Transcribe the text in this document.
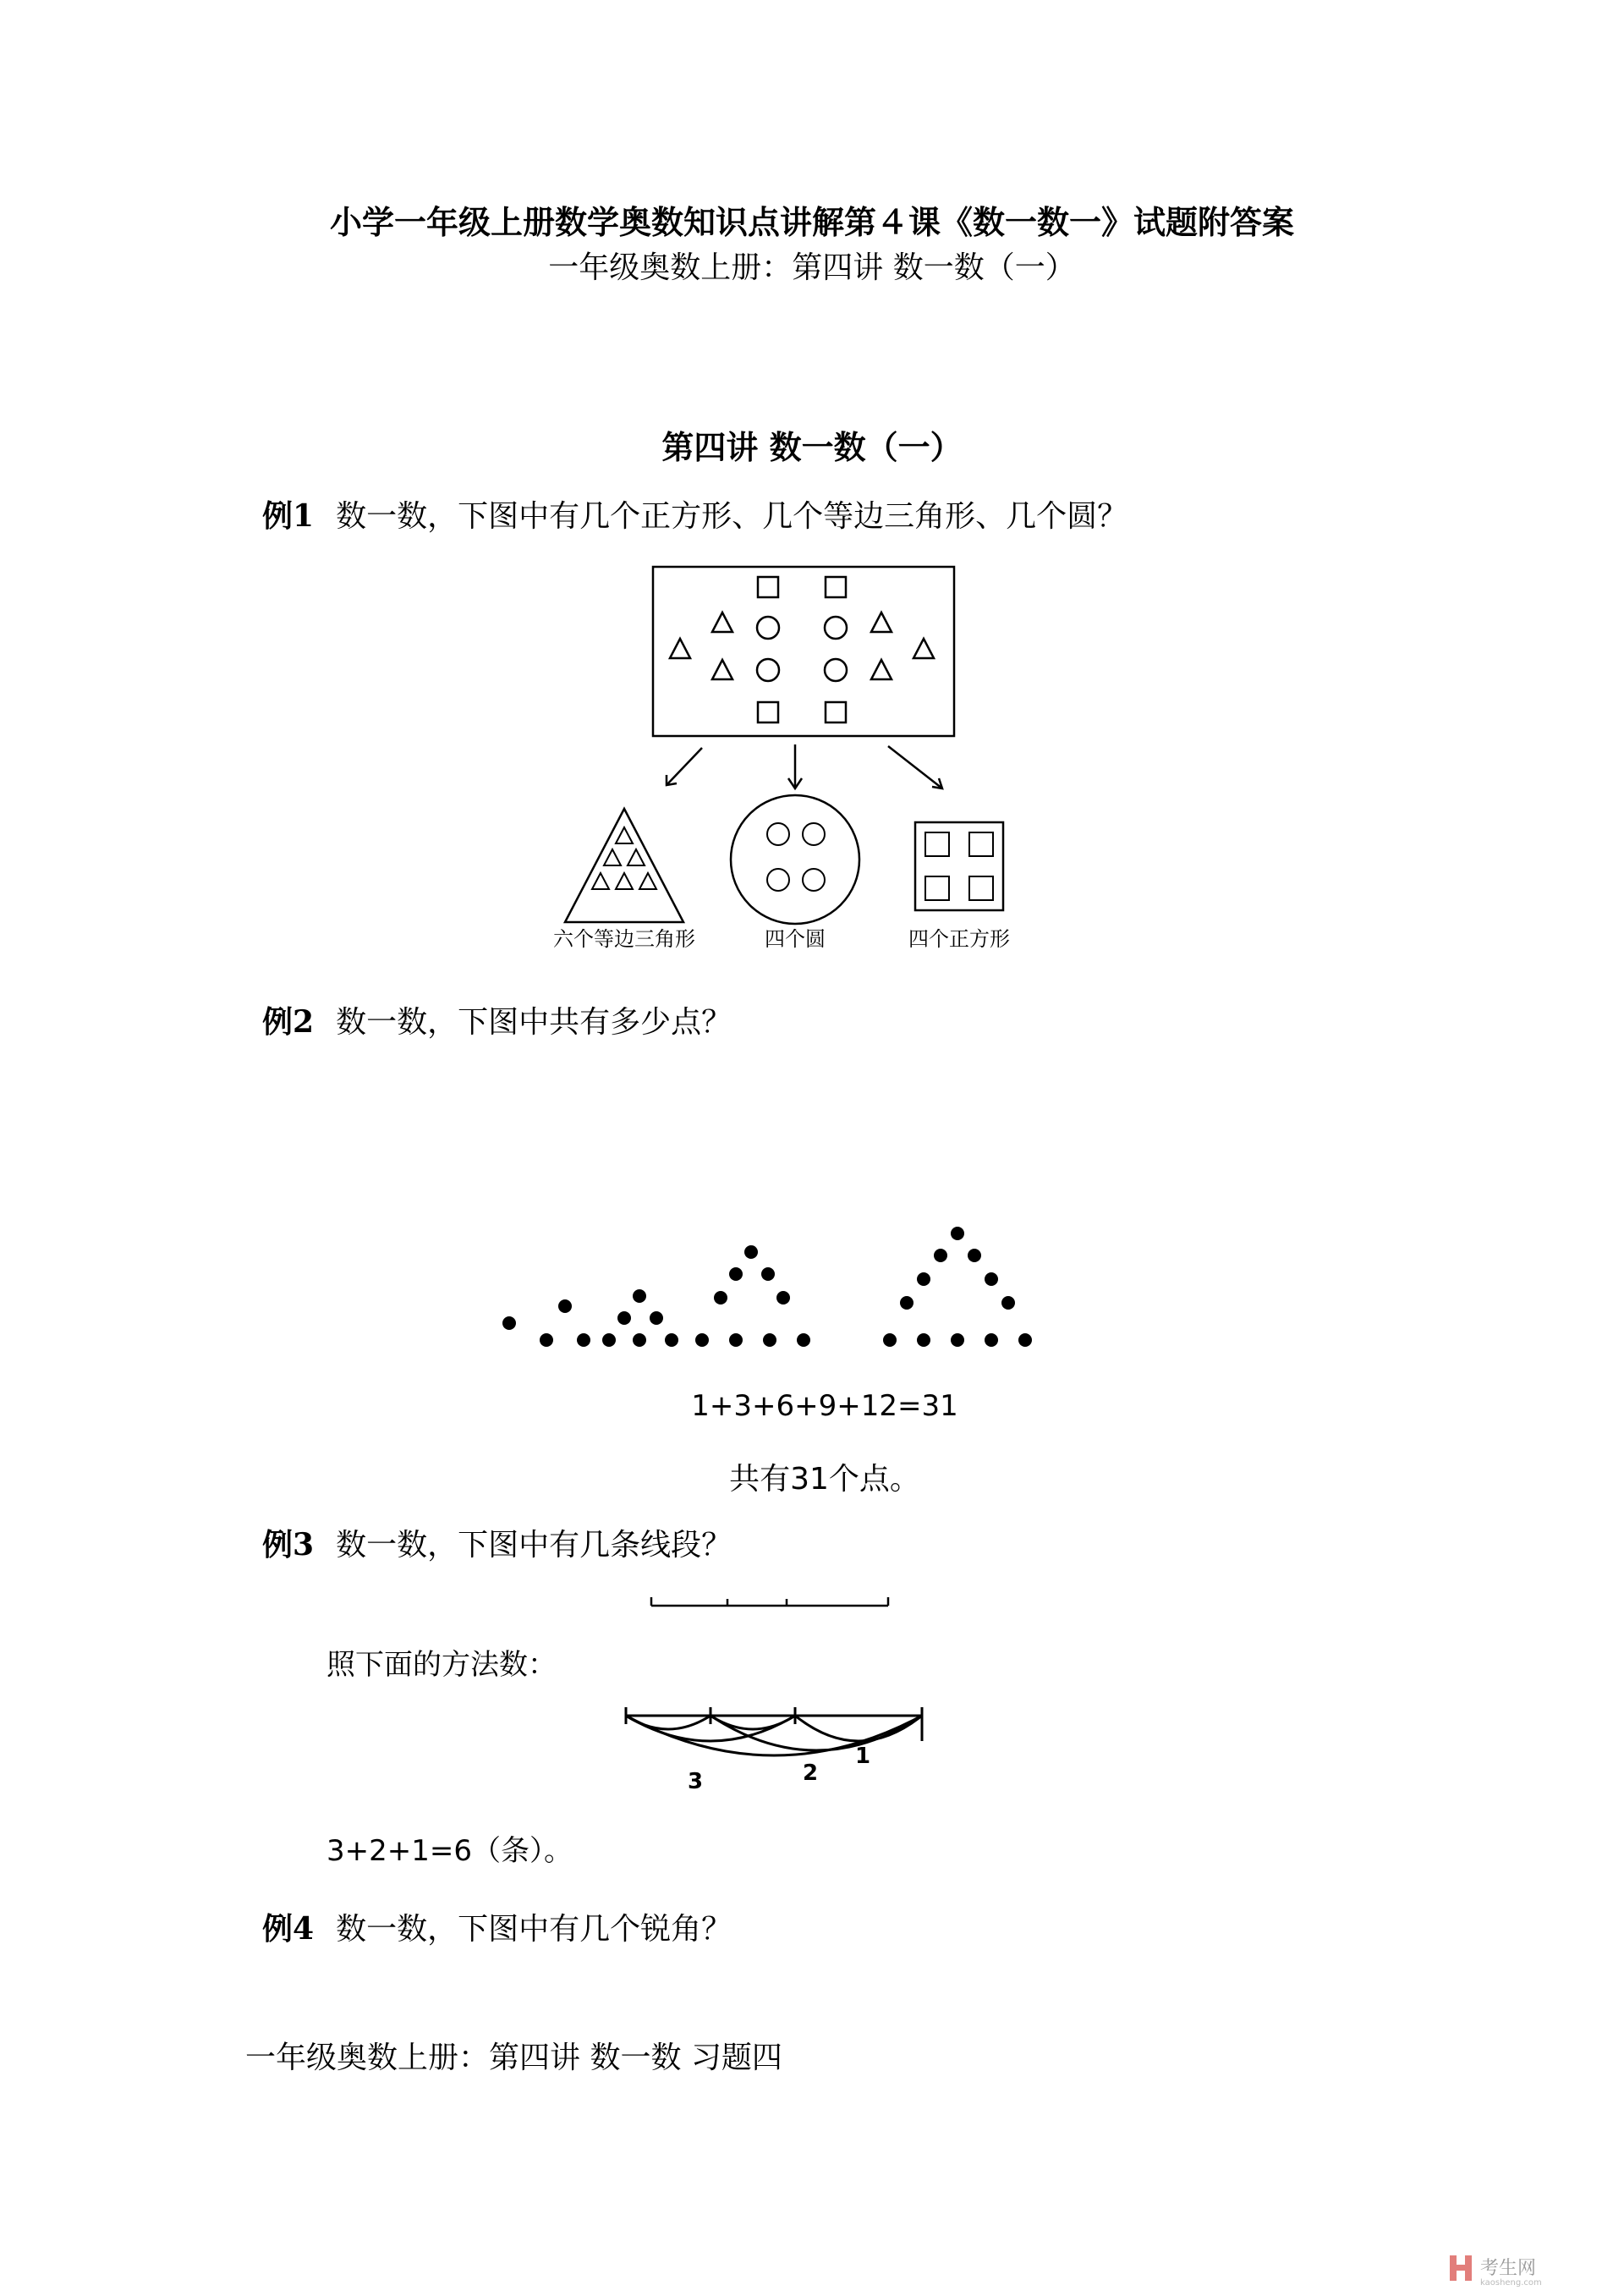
小学一年级上册数学奥数知识点讲解第４课《数一数一》试题附答案
一年级奥数上册：第四讲 数一数（一）
第四讲 数一数（一）
例1 数一数，下图中有几个正方形、几个等边三角形、几个圆？
六个等边三角形	四个圆	四个正方形
例2 数一数，下图中共有多少点？
1+3+6+9+12=31
共有31个点。
例3 数一数，下图中有几条线段？
照下面的方法数：
3	2
1
3+2+1=6（条）。
例4 数一数，下图中有几个锐角？
一年级奥数上册：第四讲 数一数 习题四
考生网
kaosheng.com
